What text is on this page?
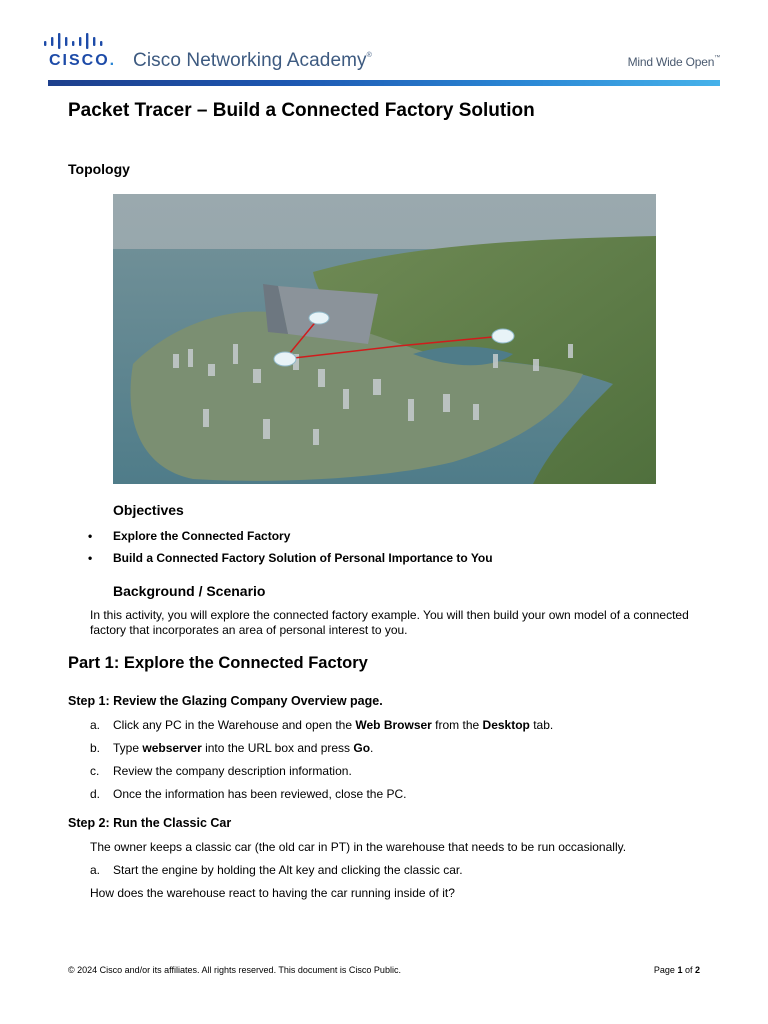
CISCO. Cisco Networking Academy®	Mind Wide Open™
Packet Tracer – Build a Connected Factory Solution
Topology
Objectives
• Explore the Connected Factory
• Build a Connected Factory Solution of Personal Importance to You
Background / Scenario

In this activity, you will explore the connected factory example. You will then build your own model of a connected factory that incorporates an area of personal interest to you.

Part 1: Explore the Connected Factory
Step 1: Review the Glazing Company Overview page.
a. Click any PC in the Warehouse and open the Web Browser from the Desktop tab.
b. Type webserver into the URL box and press Go.
c. Review the company description information.
d. Once the information has been reviewed, close the PC.
Step 2: Run the Classic Car

The owner keeps a classic car (the old car in PT) in the warehouse that needs to be run occasionally.

a. Start the engine by holding the Alt key and clicking the classic car.

How does the warehouse react to having the car running inside of it?

© 2024 Cisco and/or its affiliates. All rights reserved. This document is Cisco Public.	Page 1 of 2
